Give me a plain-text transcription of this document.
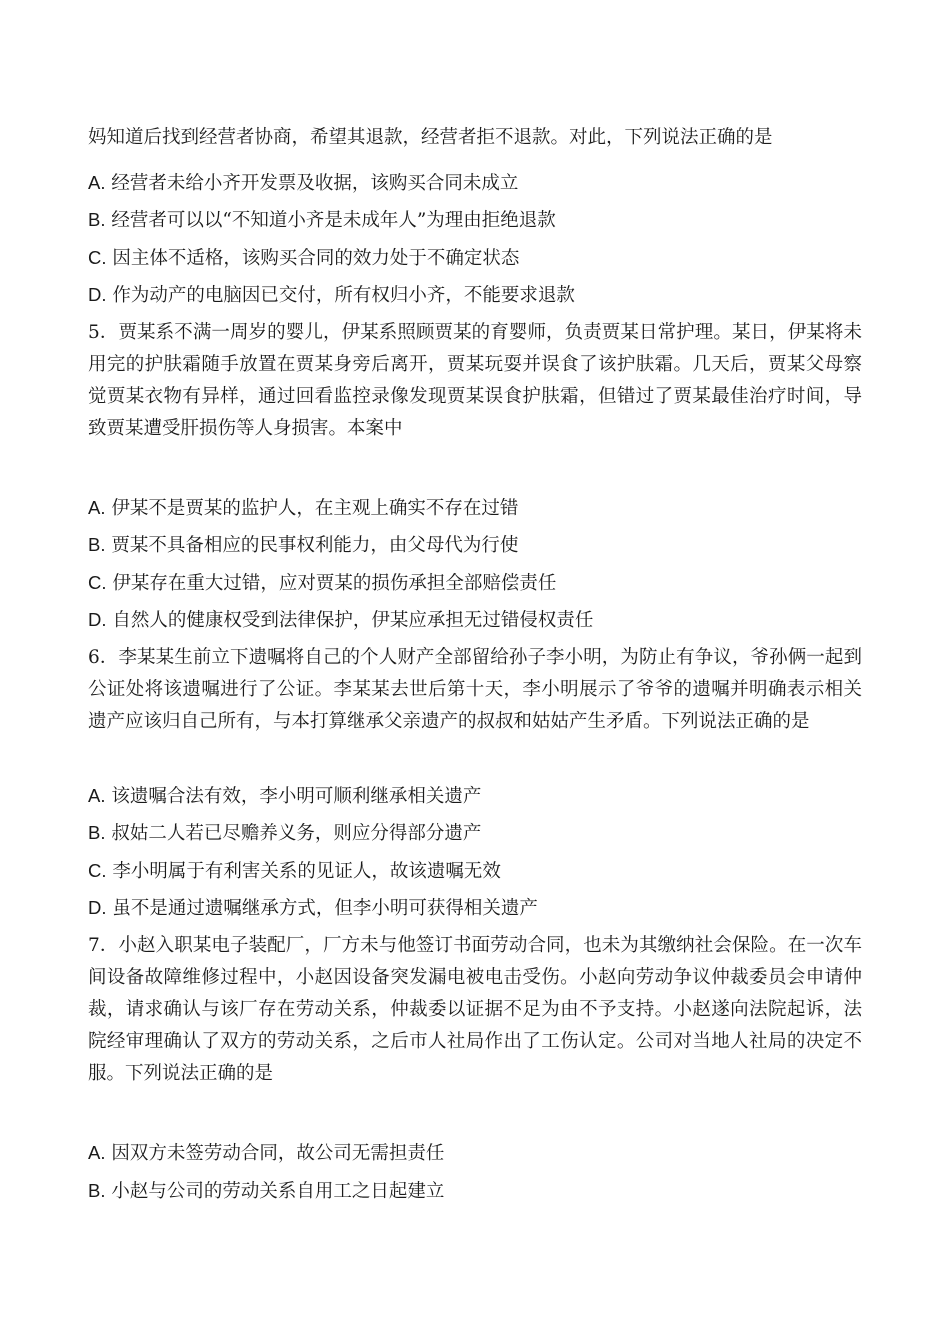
妈知道后找到经营者协商，希望其退款，经营者拒不退款。对此，下列说法正确的是
A. 经营者未给小齐开发票及收据，该购买合同未成立
B. 经营者可以以“不知道小齐是未成年人”为理由拒绝退款
C. 因主体不适格，该购买合同的效力处于不确定状态
D. 作为动产的电脑因已交付，所有权归小齐，不能要求退款
5．贾某系不满一周岁的婴儿，伊某系照顾贾某的育婴师，负责贾某日常护理。某日，伊某将未用完的护肤霜随手放置在贾某身旁后离开，贾某玩耍并误食了该护肤霜。几天后，贾某父母察觉贾某衣物有异样，通过回看监控录像发现贾某误食护肤霜，但错过了贾某最佳治疗时间，导致贾某遭受肝损伤等人身损害。本案中
A. 伊某不是贾某的监护人，在主观上确实不存在过错
B. 贾某不具备相应的民事权利能力，由父母代为行使
C. 伊某存在重大过错，应对贾某的损伤承担全部赔偿责任
D. 自然人的健康权受到法律保护，伊某应承担无过错侵权责任
6．李某某生前立下遗嘱将自己的个人财产全部留给孙子李小明，为防止有争议，爷孙俩一起到公证处将该遗嘱进行了公证。李某某去世后第十天，李小明展示了爷爷的遗嘱并明确表示相关遗产应该归自己所有，与本打算继承父亲遗产的叔叔和姑姑产生矛盾。下列说法正确的是
A. 该遗嘱合法有效，李小明可顺利继承相关遗产
B. 叔姑二人若已尽赡养义务，则应分得部分遗产
C. 李小明属于有利害关系的见证人，故该遗嘱无效
D. 虽不是通过遗嘱继承方式，但李小明可获得相关遗产
7．小赵入职某电子装配厂，厂方未与他签订书面劳动合同，也未为其缴纳社会保险。在一次车间设备故障维修过程中，小赵因设备突发漏电被电击受伤。小赵向劳动争议仲裁委员会申请仲裁，请求确认与该厂存在劳动关系，仲裁委以证据不足为由不予支持。小赵遂向法院起诉，法院经审理确认了双方的劳动关系，之后市人社局作出了工伤认定。公司对当地人社局的决定不服。下列说法正确的是
A. 因双方未签劳动合同，故公司无需担责任
B. 小赵与公司的劳动关系自用工之日起建立
